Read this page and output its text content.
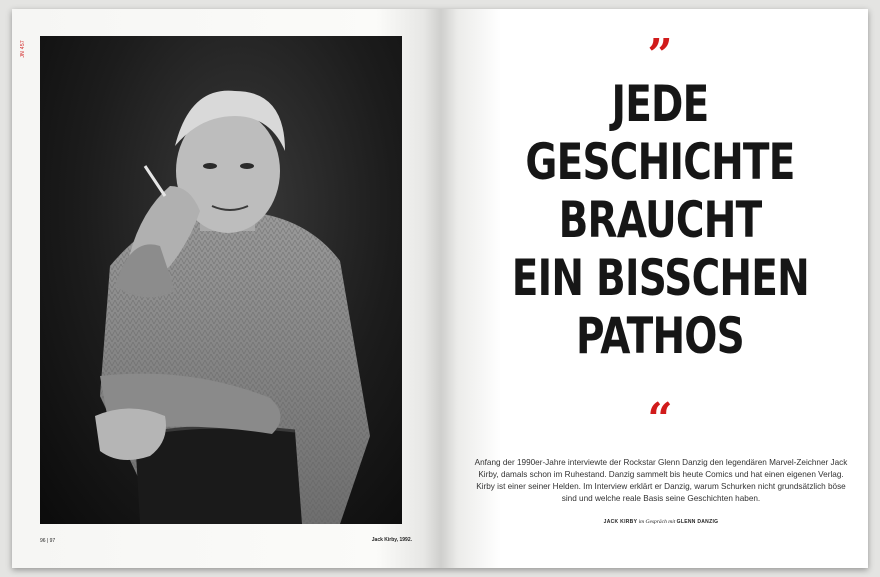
JN 457
96 | 97	Jack Kirby, 1992.
”
JEDE
GESCHICHTE
BRAUCHT
EIN BISSCHEN
PATHOS
“
Anfang der 1990er-Jahre interviewte der Rockstar Glenn Danzig den legendären Marvel-Zeichner Jack Kirby, damals schon im Ruhestand. Danzig sammelt bis heute Comics und hat einen eigenen Verlag. Kirby ist einer seiner Helden. Im Interview erklärt er Danzig, warum Schurken nicht grundsätzlich böse sind und welche reale Basis seine Geschichten haben.
JACK KIRBY im Gespräch mit GLENN DANZIG
